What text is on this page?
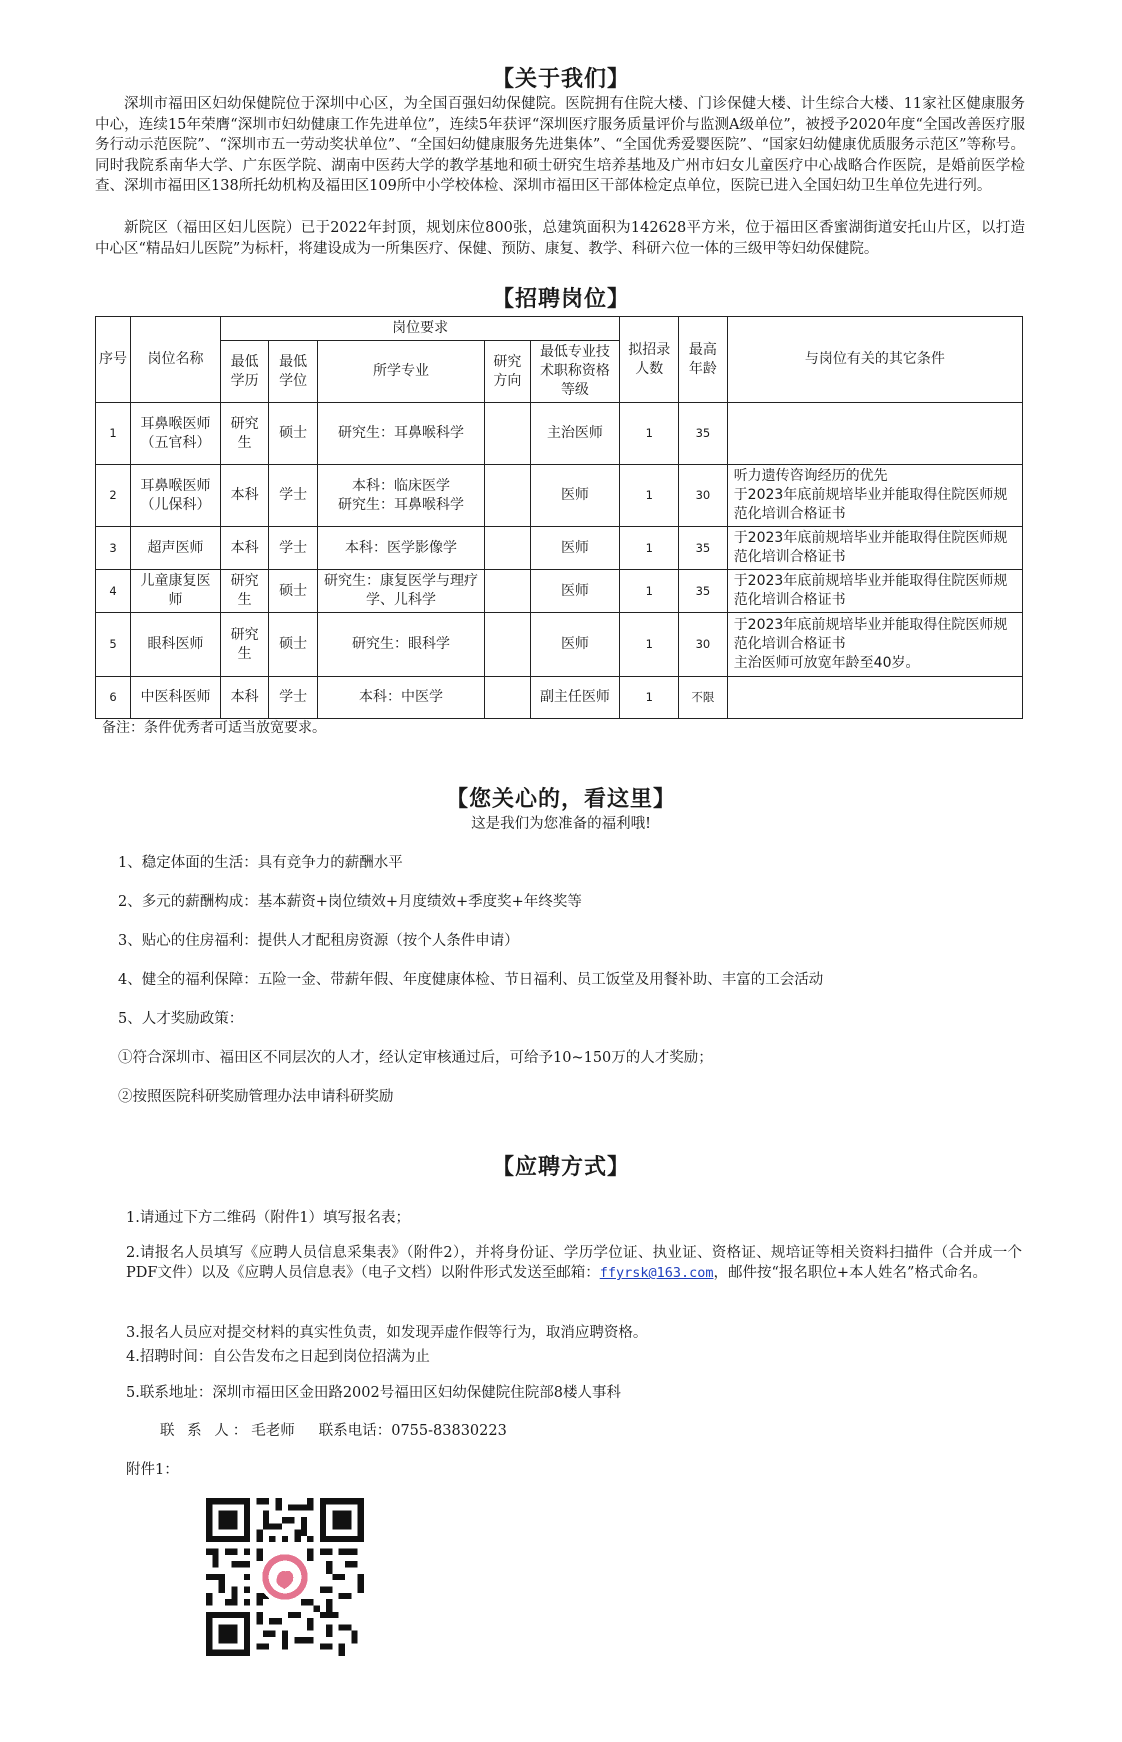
【关于我们】
深圳市福田区妇幼保健院位于深圳中心区，为全国百强妇幼保健院。医院拥有住院大楼、门诊保健大楼、计生综合大楼、11家社区健康服务中心，连续15年荣膺“深圳市妇幼健康工作先进单位”，连续5年获评“深圳医疗服务质量评价与监测A级单位”，被授予2020年度“全国改善医疗服务行动示范医院”、“深圳市五一劳动奖状单位”、“全国妇幼健康服务先进集体”、“全国优秀爱婴医院”、“国家妇幼健康优质服务示范区”等称号。同时我院系南华大学、广东医学院、湖南中医药大学的教学基地和硕士研究生培养基地及广州市妇女儿童医疗中心战略合作医院，是婚前医学检查、深圳市福田区138所托幼机构及福田区109所中小学校体检、深圳市福田区干部体检定点单位，医院已进入全国妇幼卫生单位先进行列。
新院区（福田区妇儿医院）已于2022年封顶，规划床位800张，总建筑面积为142628平方米，位于福田区香蜜湖街道安托山片区，以打造中心区“精品妇儿医院”为标杆，将建设成为一所集医疗、保健、预防、康复、教学、科研六位一体的三级甲等妇幼保健院。
【招聘岗位】
序号	岗位名称	岗位要求					拟招录人数	最高年龄	与岗位有关的其它条件
		最低学历	最低学位	所学专业	研究方向	最低专业技术职称资格等级			
1	耳鼻喉医师（五官科）	研究生	硕士	研究生：耳鼻喉科学		主治医师	1	35	
2	耳鼻喉医师（儿保科）	本科	学士	本科：临床医学
研究生：耳鼻喉科学		医师	1	30	听力遗传咨询经历的优先
于2023年底前规培毕业并能取得住院医师规范化培训合格证书
3	超声医师	本科	学士	本科：医学影像学		医师	1	35	于2023年底前规培毕业并能取得住院医师规范化培训合格证书
4	儿童康复医师	研究生	硕士	研究生：康复医学与理疗学、儿科学		医师	1	35	于2023年底前规培毕业并能取得住院医师规范化培训合格证书
5	眼科医师	研究生	硕士	研究生：眼科学		医师	1	30	于2023年底前规培毕业并能取得住院医师规范化培训合格证书
主治医师可放宽年龄至40岁。
6	中医科医师	本科	学士	本科：中医学		副主任医师	1	不限	
备注：条件优秀者可适当放宽要求。
【您关心的，看这里】
这是我们为您准备的福利哦!
1、稳定体面的生活：具有竞争力的薪酬水平
2、多元的薪酬构成：基本薪资+岗位绩效+月度绩效+季度奖+年终奖等
3、贴心的住房福利：提供人才配租房资源（按个人条件申请）
4、健全的福利保障：五险一金、带薪年假、年度健康体检、节日福利、员工饭堂及用餐补助、丰富的工会活动
5、人才奖励政策：
①符合深圳市、福田区不同层次的人才，经认定审核通过后，可给予10~150万的人才奖励；
②按照医院科研奖励管理办法申请科研奖励
【应聘方式】
1.请通过下方二维码（附件1）填写报名表；
2.请报名人员填写《应聘人员信息采集表》（附件2），并将身份证、学历学位证、执业证、资格证、规培证等相关资料扫描件（合并成一个PDF文件）以及《应聘人员信息表》（电子文档）以附件形式发送至邮箱：ffyrsk@163.com，邮件按“报名职位+本人姓名”格式命名。
3.报名人员应对提交材料的真实性负责，如发现弄虚作假等行为，取消应聘资格。
4.招聘时间：自公告发布之日起到岗位招满为止
5.联系地址：深圳市福田区金田路2002号福田区妇幼保健院住院部8楼人事科
联 系 人：毛老师 联系电话：0755-83830223
附件1：
